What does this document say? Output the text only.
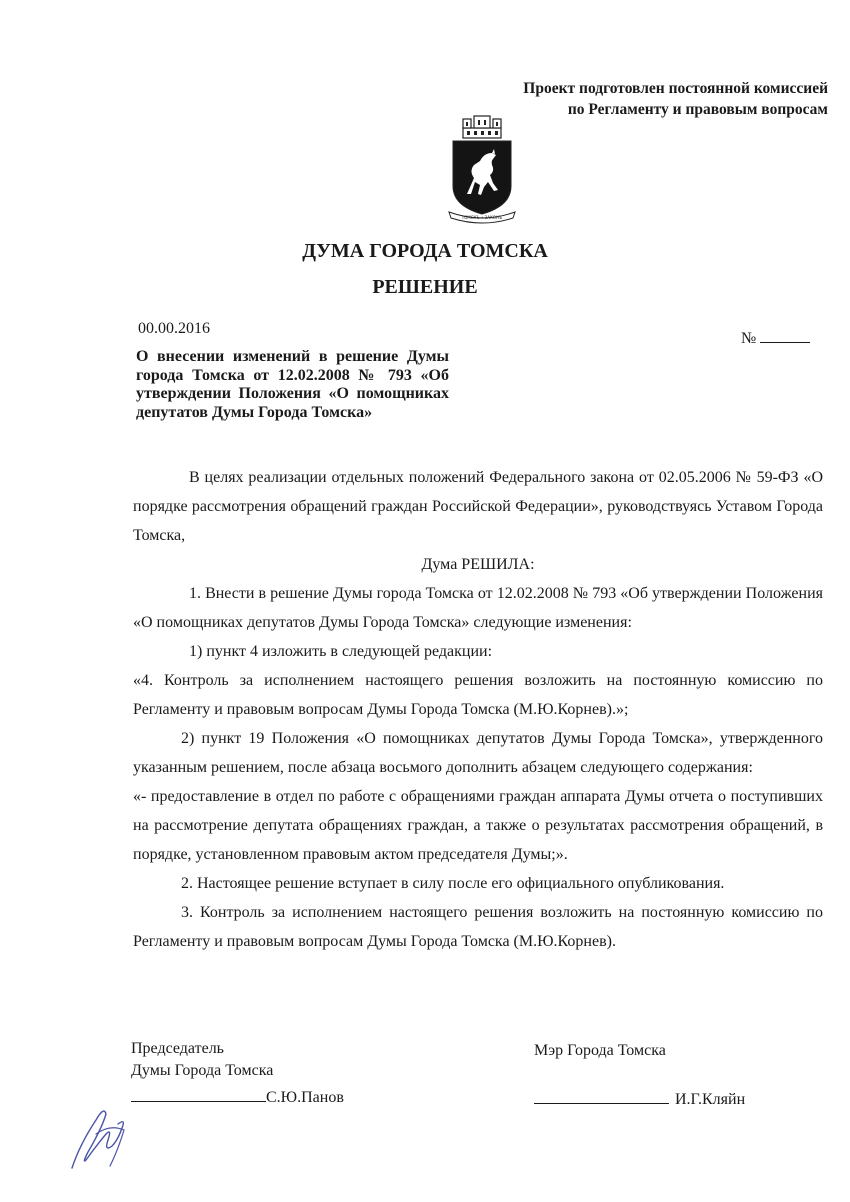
Проект подготовлен постоянной комиссией
по Регламенту и правовым вопросам
ТОМСКЪ • ЗАКОНЪ
ДУМА ГОРОДА ТОМСКА
РЕШЕНИЕ
00.00.2016
№
О внесении изменений в решение Думы города Томска от 12.02.2008 № 793 «Об утверждении Положения «О помощниках депутатов Думы Города Томска»

В целях реализации отдельных положений Федерального закона от 02.05.2006 № 59-ФЗ «О порядке рассмотрения обращений граждан Российской Федерации», руководствуясь Уставом Города Томска,

Дума РЕШИЛА:

1. Внести в решение Думы города Томска от 12.02.2008 № 793 «Об утверждении Положения «О помощниках депутатов Думы Города Томска» следующие изменения:

1) пункт 4 изложить в следующей редакции:

«4. Контроль за исполнением настоящего решения возложить на постоянную комиссию по Регламенту и правовым вопросам Думы Города Томска (М.Ю.Корнев).»;

2) пункт 19 Положения «О помощниках депутатов Думы Города Томска», утвержденного указанным решением, после абзаца восьмого дополнить абзацем следующего содержания:

«- предоставление в отдел по работе с обращениями граждан аппарата Думы отчета о поступивших на рассмотрение депутата обращениях граждан, а также о результатах рассмотрения обращений, в порядке, установленном правовым актом председателя Думы;».

2. Настоящее решение вступает в силу после его официального опубликования.

3. Контроль за исполнением настоящего решения возложить на постоянную комиссию по Регламенту и правовым вопросам Думы Города Томска (М.Ю.Корнев).

Председатель
Думы Города Томска
С.Ю.Панов
Мэр Города Томска
И.Г.Кляйн
